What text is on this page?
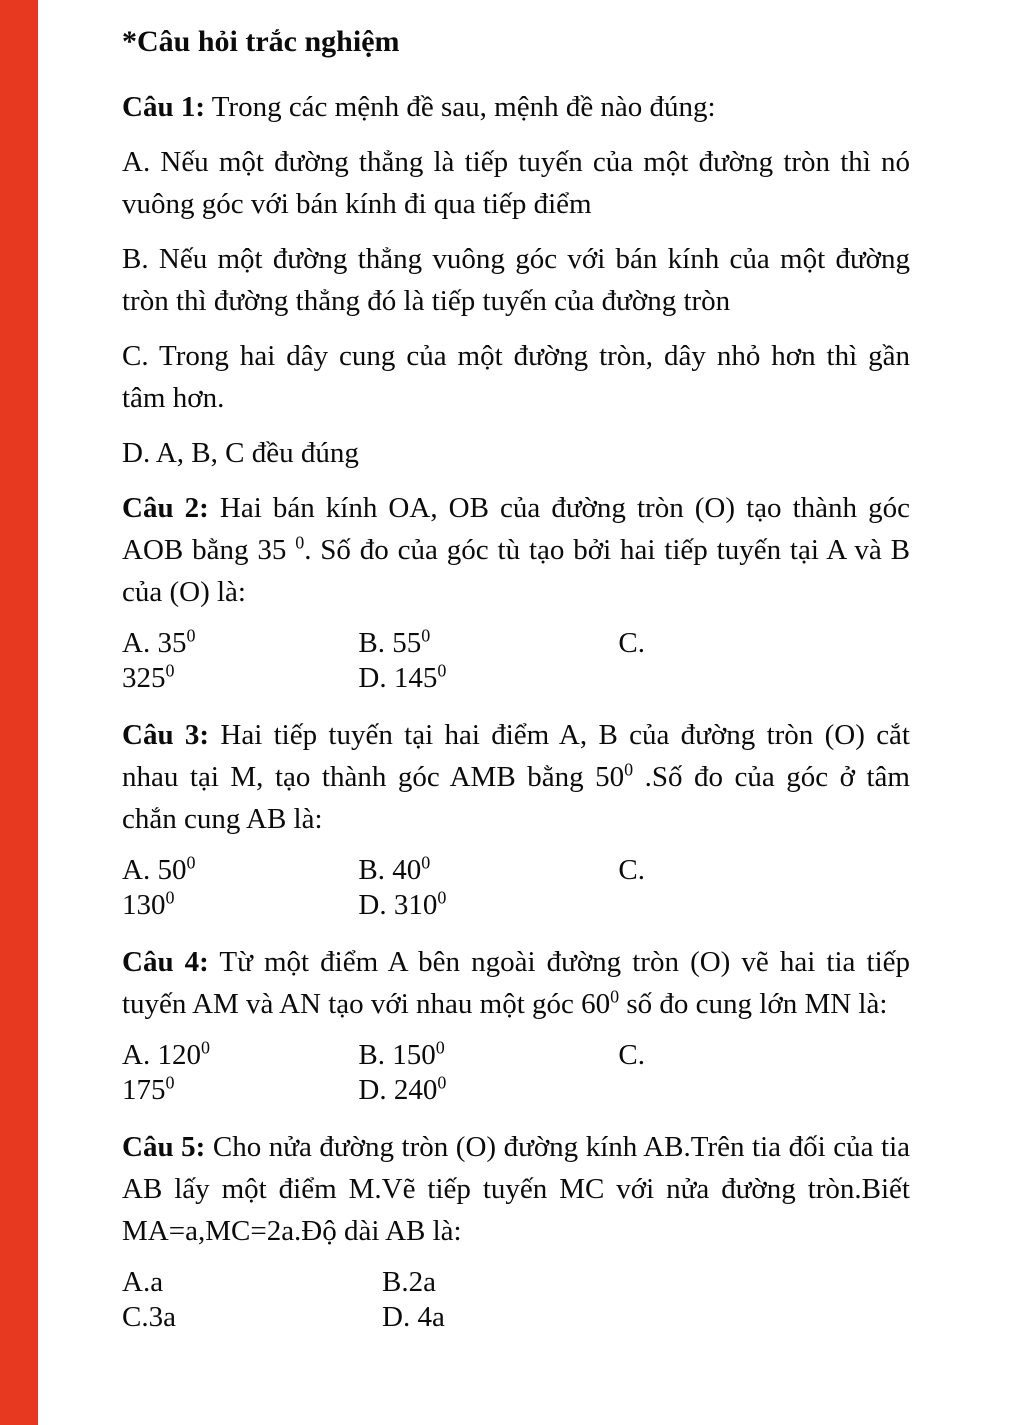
*Câu hỏi trắc nghiệm

Câu 1: Trong các mệnh đề sau, mệnh đề nào đúng:

A. Nếu một đường thẳng là tiếp tuyến của một đường tròn thì nó vuông góc với bán kính đi qua tiếp điểm

B. Nếu một đường thẳng vuông góc với bán kính của một đường tròn thì đường thẳng đó là tiếp tuyến của đường tròn

C. Trong hai dây cung của một đường tròn, dây nhỏ hơn thì gần tâm hơn.

D. A, B, C đều đúng

Câu 2: Hai bán kính OA, OB của đường tròn (O) tạo thành góc AOB bằng 35 $^0$. Số đo của góc tù tạo bởi hai tiếp tuyến tại A và B của (O) là:

A. $35^0$	B. $55^0$	C.
$325^0$	D. $145^0$

Câu 3: Hai tiếp tuyến tại hai điểm A, B của đường tròn (O) cắt nhau tại M, tạo thành góc AMB bằng $50^0$ .Số đo của góc ở tâm chắn cung AB là:

A. $50^0$	B. $40^0$	C.
$130^0$	D. $310^0$

Câu 4: Từ một điểm A bên ngoài đường tròn (O) vẽ hai tia tiếp tuyến AM và AN tạo với nhau một góc $60^0$ số đo cung lớn MN là:

A. $120^0$	B. $150^0$	C.
$175^0$	D. $240^0$

Câu 5: Cho nửa đường tròn (O) đường kính AB.Trên tia đối của tia AB lấy một điểm M.Vẽ tiếp tuyến MC với nửa đường tròn.Biết MA=a,MC=2a.Độ dài AB là:

A.a	B.2a
C.3a	D. 4a
